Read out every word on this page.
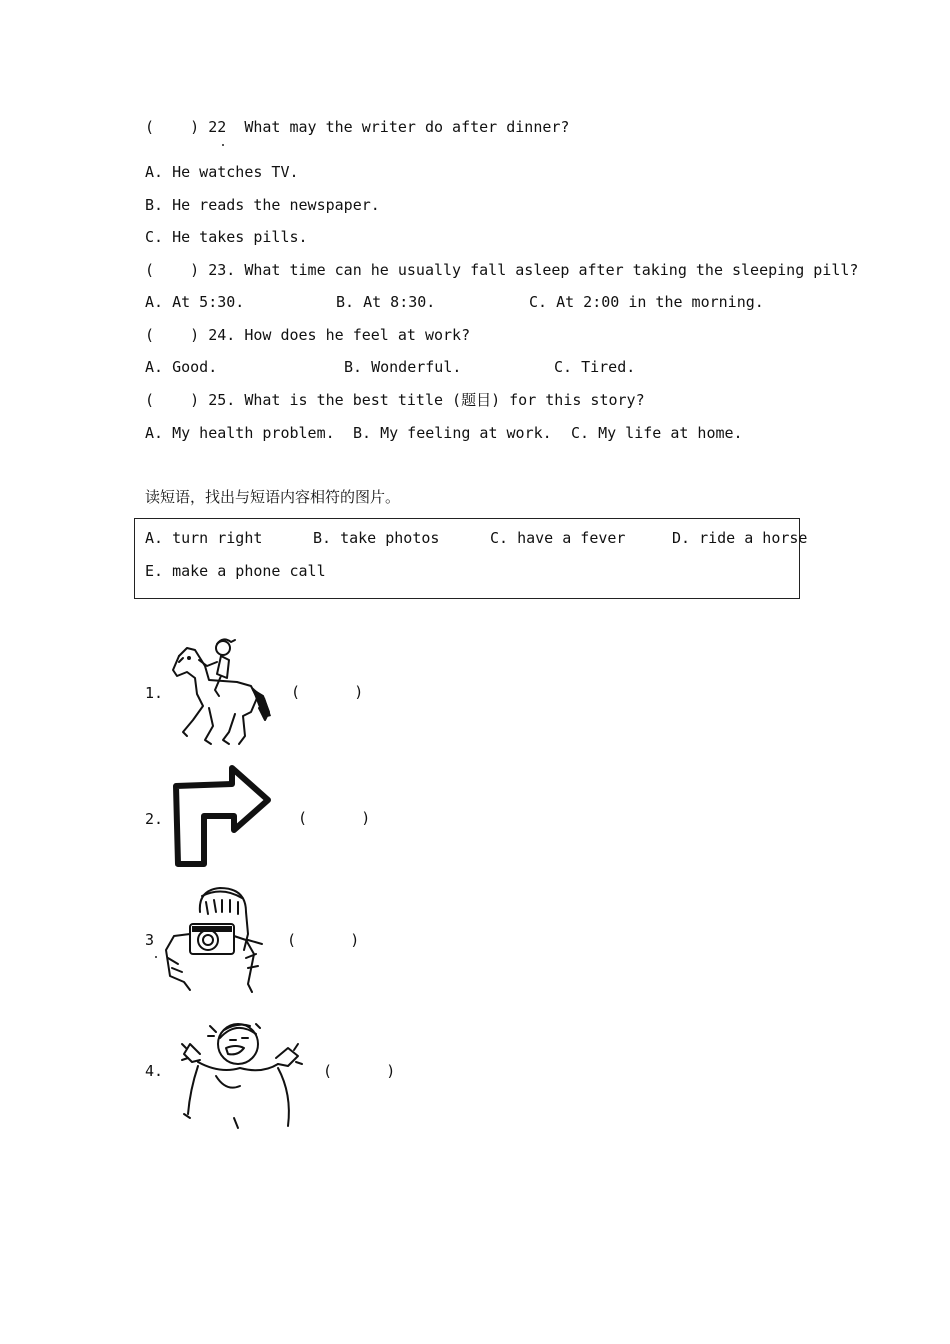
(    ) 22  What may the writer do after dinner?
A. He watches TV.
B. He reads the newspaper.
C. He takes pills.
(    ) 23. What time can he usually fall asleep after taking the sleeping pill?
A. At 5:30.	B. At 8:30.	C. At 2:00 in the morning.
(    ) 24. How does he feel at work?
A. Good.	B. Wonderful.	C. Tired.
(    ) 25. What is the best title (题目) for this story?
A. My health problem. B. My feeling at work. C. My life at home.
读短语，找出与短语内容相符的图片。
A. turn right	B. take photos	C. have a fever	D. ride a horse
E. make a phone call
1.	(      )
2.	(      )
3	(      )
4.	(      )
